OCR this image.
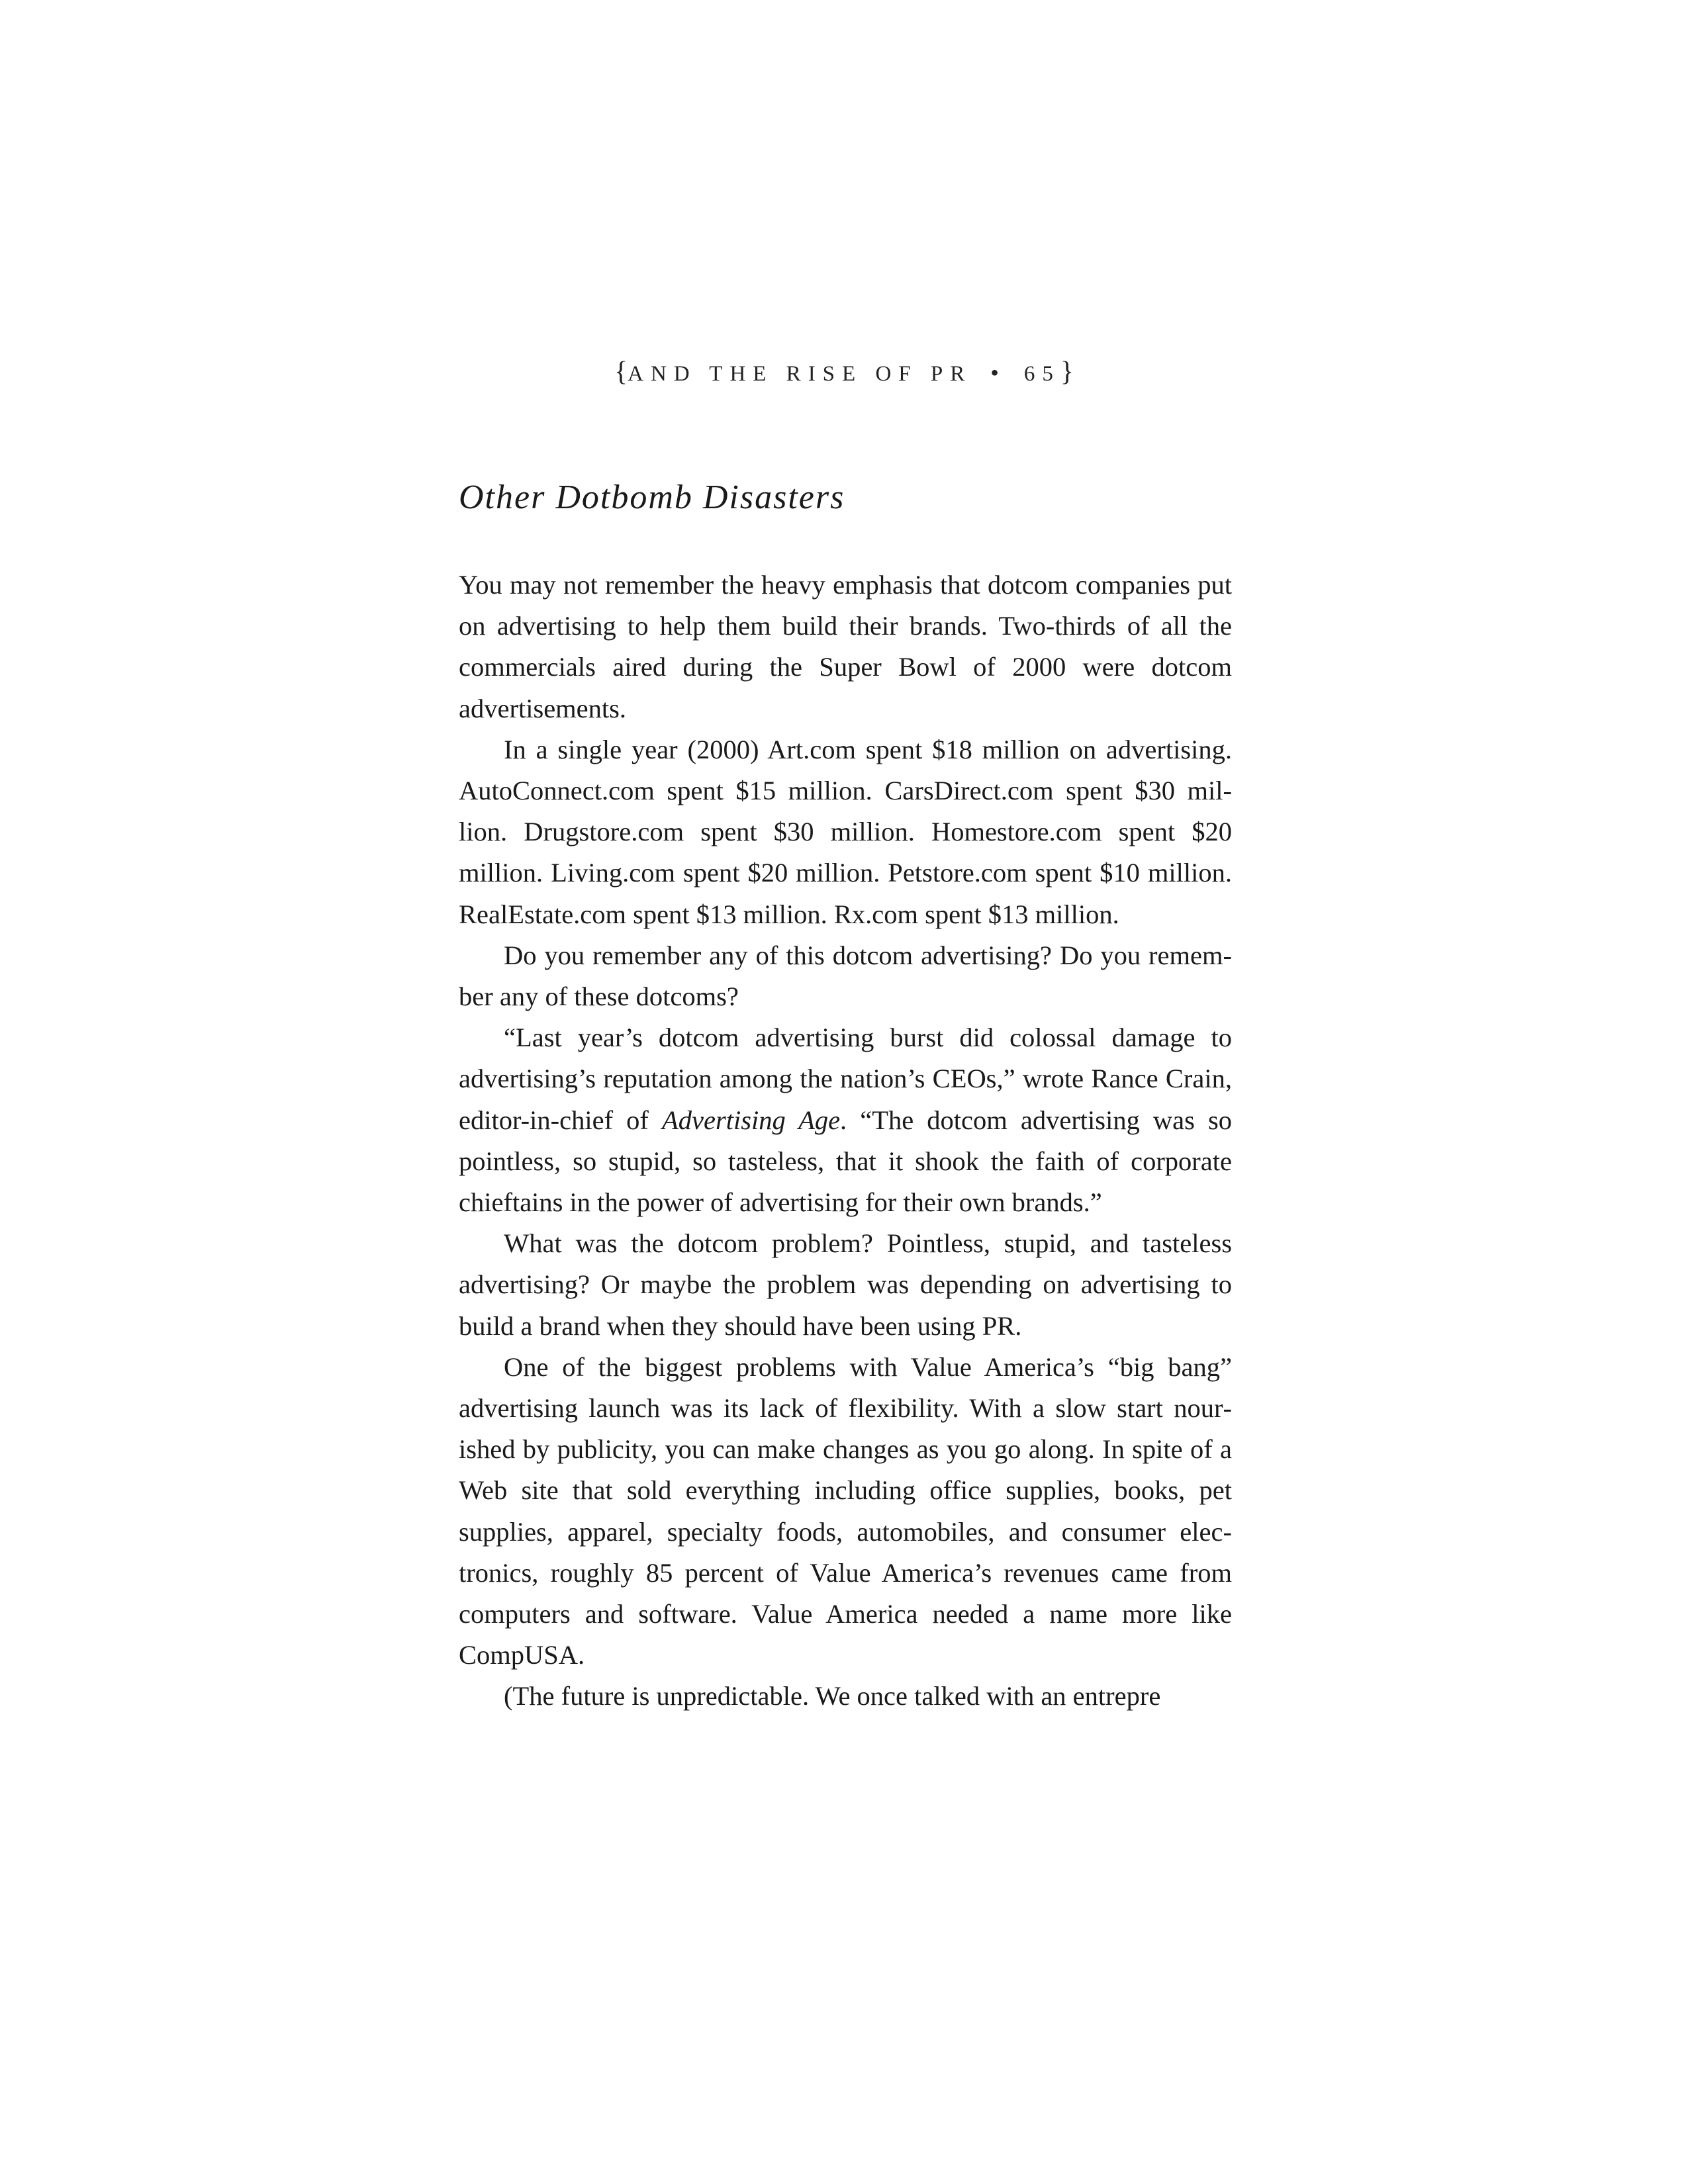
{AND THE RISE OF PR • 65}
Other Dotbomb Disasters

You may not remember the heavy emphasis that dotcom companies put on advertising to help them build their brands. Two-thirds of all the commercials aired during the Super Bowl of 2000 were dotcom advertisements.

In a single year (2000) Art.com spent $18 million on advertising. AutoConnect.com spent $15 million. CarsDirect.com spent $30 million. Drugstore.com spent $30 million. Homestore.com spent $20 million. Living.com spent $20 million. Petstore.com spent $10 million. RealEstate.com spent $13 million. Rx.com spent $13 million.

Do you remember any of this dotcom advertising? Do you remember any of these dotcoms?

“Last year’s dotcom advertising burst did colossal damage to advertising’s reputation among the nation’s CEOs,” wrote Rance Crain, editor-in-chief of Advertising Age. “The dotcom advertising was so pointless, so stupid, so tasteless, that it shook the faith of corporate chieftains in the power of advertising for their own brands.”

What was the dotcom problem? Pointless, stupid, and tasteless advertising? Or maybe the problem was depending on advertising to build a brand when they should have been using PR.

One of the biggest problems with Value America’s “big bang” advertising launch was its lack of flexibility. With a slow start nourished by publicity, you can make changes as you go along. In spite of a Web site that sold everything including office supplies, books, pet supplies, apparel, specialty foods, automobiles, and consumer electronics, roughly 85 percent of Value America’s revenues came from computers and software. Value America needed a name more like CompUSA.

(The future is unpredictable. We once talked with an entrepre
